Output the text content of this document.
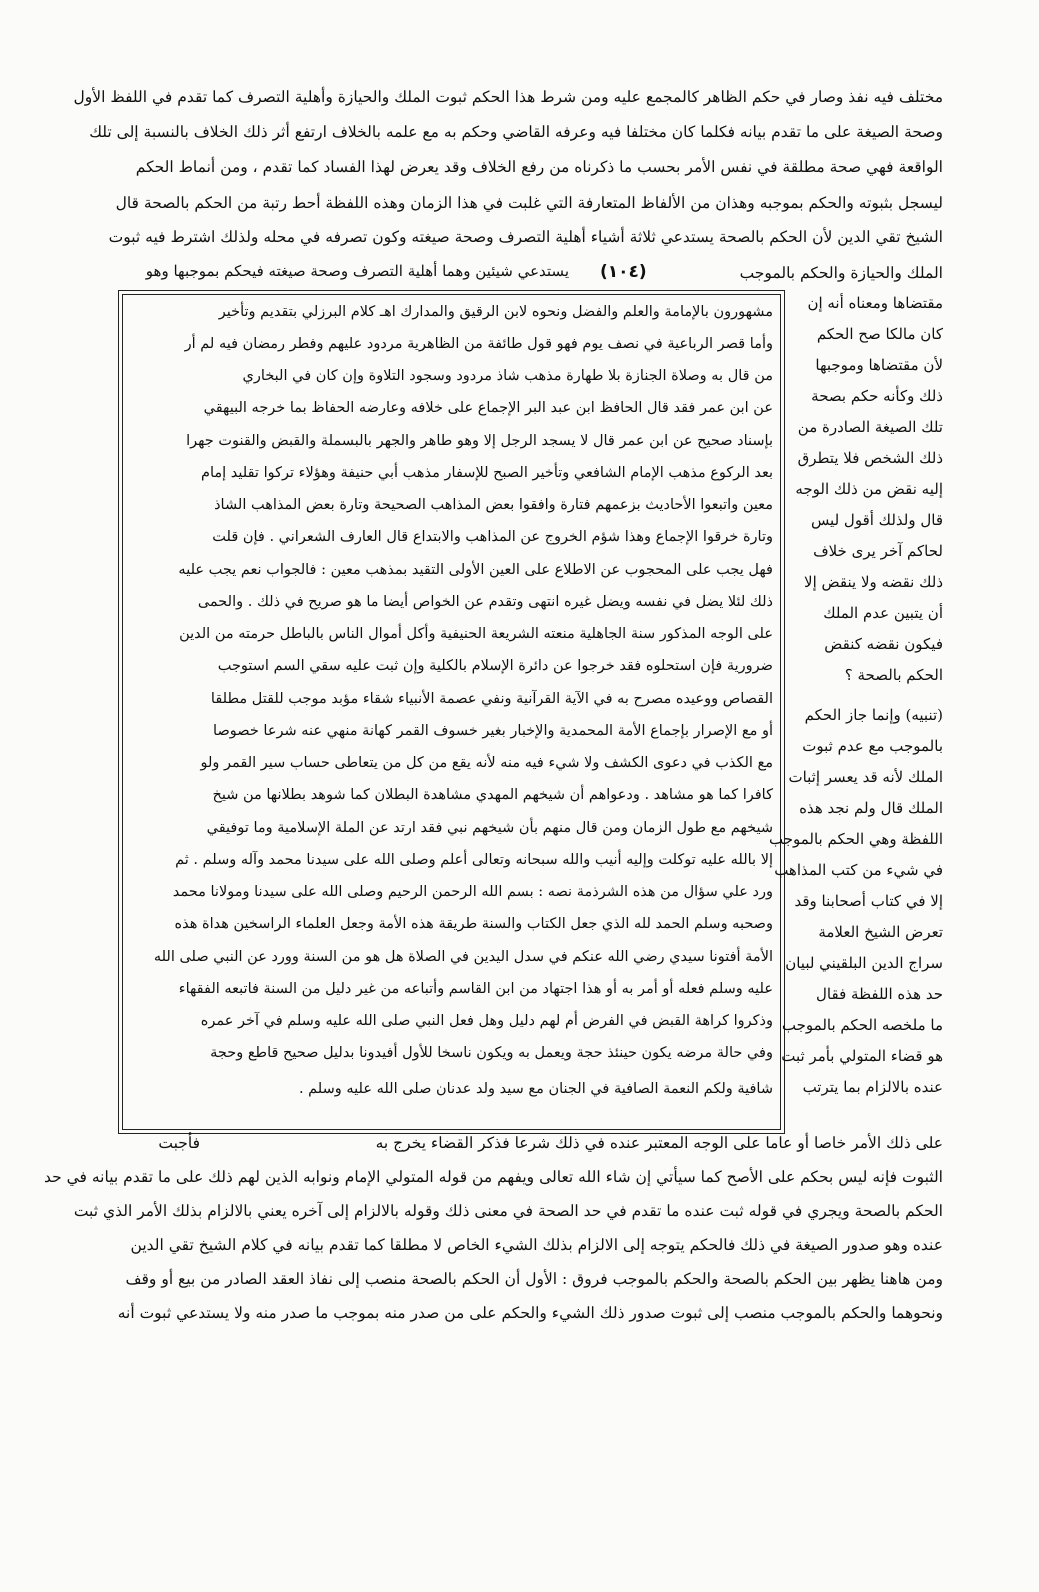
مختلف فيه نفذ وصار في حكم الظاهر كالمجمع عليه ومن شرط هذا الحكم ثبوت الملك والحيازة وأهلية التصرف كما تقدم في اللفظ الأول
وصحة الصيغة على ما تقدم بيانه فكلما كان مختلفا فيه وعرفه القاضي وحكم به مع علمه بالخلاف ارتفع أثر ذلك الخلاف بالنسبة إلى تلك
الواقعة فهي صحة مطلقة في نفس الأمر بحسب ما ذكرناه من رفع الخلاف وقد يعرض لهذا الفساد كما تقدم ، ومن أنماط الحكم
ليسجل بثبوته والحكم بموجبه وهذان من الألفاظ المتعارفة التي غلبت في هذا الزمان وهذه اللفظة أحط رتبة من الحكم بالصحة قال
الشيخ تقي الدين لأن الحكم بالصحة يستدعي ثلاثة أشياء أهلية التصرف وصحة صيغته وكون تصرفه في محله ولذلك اشترط فيه ثبوت
الملك والحيازة والحكم بالموجب
(١٠٤)
يستدعي شيئين وهما أهلية التصرف وصحة صيغته فيحكم بموجبها وهو
مشهورون بالإمامة والعلم والفضل ونحوه لابن الرقيق والمدارك اهـ كلام البرزلي بتقديم وتأخير
وأما قصر الرباعية في نصف يوم فهو قول طائفة من الظاهرية مردود عليهم وفطر رمضان فيه لم أر
من قال به وصلاة الجنازة بلا طهارة مذهب شاذ مردود وسجود التلاوة وإن كان في البخاري
عن ابن عمر فقد قال الحافظ ابن عبد البر الإجماع على خلافه وعارضه الحفاظ بما خرجه البيهقي
بإسناد صحيح عن ابن عمر قال لا يسجد الرجل إلا وهو طاهر والجهر بالبسملة والقبض والقنوت جهرا
بعد الركوع مذهب الإمام الشافعي وتأخير الصبح للإسفار مذهب أبي حنيفة وهؤلاء تركوا تقليد إمام
معين واتبعوا الأحاديث بزعمهم فتارة وافقوا بعض المذاهب الصحيحة وتارة بعض المذاهب الشاذ
وتارة خرقوا الإجماع وهذا شؤم الخروج عن المذاهب والابتداع قال العارف الشعراني . فإن قلت
فهل يجب على المحجوب عن الاطلاع على العين الأولى التقيد بمذهب معين : فالجواب نعم يجب عليه
ذلك لئلا يضل في نفسه ويضل غيره انتهى وتقدم عن الخواص أيضا ما هو صريح في ذلك . والحمى
على الوجه المذكور سنة الجاهلية منعته الشريعة الحنيفية وأكل أموال الناس بالباطل حرمته من الدين
ضرورية فإن استحلوه فقد خرجوا عن دائرة الإسلام بالكلية وإن ثبت عليه سقي السم استوجب
القصاص ووعيده مصرح به في الآية القرآنية ونفي عصمة الأنبياء شقاء مؤبد موجب للقتل مطلقا
أو مع الإصرار بإجماع الأمة المحمدية والإخبار بغير خسوف القمر كهانة منهي عنه شرعا خصوصا
مع الكذب في دعوى الكشف ولا شيء فيه منه لأنه يقع من كل من يتعاطى حساب سير القمر ولو
كافرا كما هو مشاهد . ودعواهم أن شيخهم المهدي مشاهدة البطلان كما شوهد بطلانها من شيخ
شيخهم مع طول الزمان ومن قال منهم بأن شيخهم نبي فقد ارتد عن الملة الإسلامية وما توفيقي
إلا بالله عليه توكلت وإليه أنيب والله سبحانه وتعالى أعلم وصلى الله على سيدنا محمد وآله وسلم . ثم
ورد علي سؤال من هذه الشرذمة نصه : بسم الله الرحمن الرحيم وصلى الله على سيدنا ومولانا محمد
وصحبه وسلم الحمد لله الذي جعل الكتاب والسنة طريقة هذه الأمة وجعل العلماء الراسخين هداة هذه
الأمة أفتونا سيدي رضي الله عنكم في سدل اليدين في الصلاة هل هو من السنة وورد عن النبي صلى الله
عليه وسلم فعله أو أمر به أو هذا اجتهاد من ابن القاسم وأتباعه من غير دليل من السنة فاتبعه الفقهاء
وذكروا كراهة القبض في الفرض أم لهم دليل وهل فعل النبي صلى الله عليه وسلم في آخر عمره
وفي حالة مرضه يكون حينئذ حجة ويعمل به ويكون ناسخا للأول أفيدونا بدليل صحيح قاطع وحجة
شافية ولكم النعمة الصافية في الجنان مع سيد ولد عدنان صلى الله عليه وسلم .
مقتضاها ومعناه أنه إن
كان مالكا صح الحكم
لأن مقتضاها وموجبها
ذلك وكأنه حكم بصحة
تلك الصيغة الصادرة من
ذلك الشخص فلا يتطرق
إليه نقض من ذلك الوجه
قال ولذلك أقول ليس
لحاكم آخر يرى خلاف
ذلك نقضه ولا ينقض إلا
أن يتبين عدم الملك
فيكون نقضه كنقض
الحكم بالصحة ؟
(تنبيه) وإنما جاز الحكم
بالموجب مع عدم ثبوت
الملك لأنه قد يعسر إثبات
الملك قال ولم نجد هذه
اللفظة وهي الحكم بالموجب
في شيء من كتب المذاهب
إلا في كتاب أصحابنا وقد
تعرض الشيخ العلامة
سراج الدين البلقيني لبيان
حد هذه اللفظة فقال
ما ملخصه الحكم بالموجب
هو قضاء المتولي بأمر ثبت
عنده بالالزام بما يترتب
على ذلك الأمر خاصا أو عاما على الوجه المعتبر عنده في ذلك شرعا فذكر القضاء يخرج به
فأجبت
الثبوت فإنه ليس بحكم على الأصح كما سيأتي إن شاء الله تعالى ويفهم من قوله المتولي الإمام ونوابه الذين لهم ذلك على ما تقدم بيانه في حد
الحكم بالصحة ويجري في قوله ثبت عنده ما تقدم في حد الصحة في معنى ذلك وقوله بالالزام إلى آخره يعني بالالزام بذلك الأمر الذي ثبت
عنده وهو صدور الصيغة في ذلك فالحكم يتوجه إلى الالزام بذلك الشيء الخاص لا مطلقا كما تقدم بيانه في كلام الشيخ تقي الدين
ومن هاهنا يظهر بين الحكم بالصحة والحكم بالموجب فروق : الأول أن الحكم بالصحة منصب إلى نفاذ العقد الصادر من بيع أو وقف
ونحوهما والحكم بالموجب منصب إلى ثبوت صدور ذلك الشيء والحكم على من صدر منه بموجب ما صدر منه ولا يستدعي ثبوت أنه
